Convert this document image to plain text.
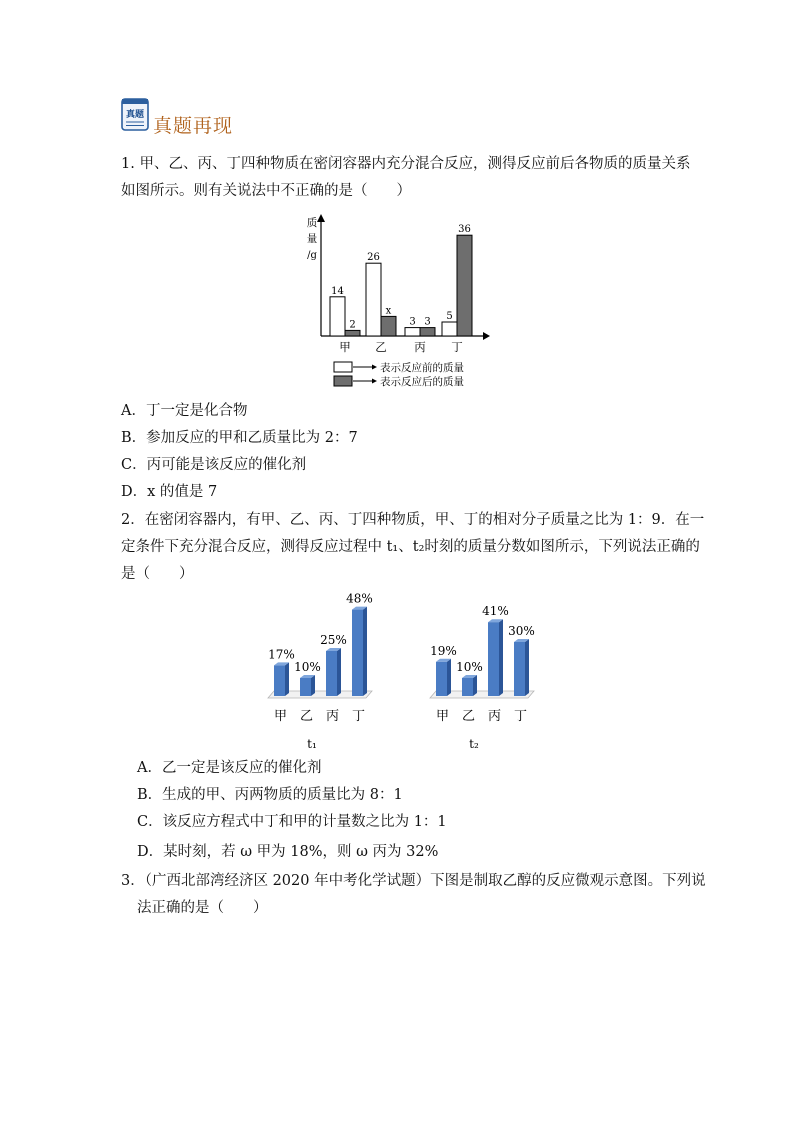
真题 真题再现
1. 甲、乙、丙、丁四种物质在密闭容器内充分混合反应，测得反应前后各物质的质量关系
如图所示。则有关说法中不正确的是（　　）
质
量
/g
14
2
甲
26
x
乙
3 3
丙
5
36
丁
表示反应前的质量
表示反应后的质量
A．丁一定是化合物
B．参加反应的甲和乙质量比为 2：7
C．丙可能是该反应的催化剂
D．x 的值是 7
2．在密闭容器内，有甲、乙、丙、丁四种物质，甲、丁的相对分子质量之比为 1：9．在一
定条件下充分混合反应，测得反应过程中 t₁、t₂时刻的质量分数如图所示，下列说法正确的
是（　　）
17%
甲
10%
乙
25%
丙
48%
丁
t₁
19%
甲
10%
乙
41%
丙
30%
丁
t₂
A．乙一定是该反应的催化剂
B．生成的甲、丙两物质的质量比为 8：1
C．该反应方程式中丁和甲的计量数之比为 1：1
D．某时刻，若 ω 甲为 18%，则 ω 丙为 32%
3．（广西北部湾经济区 2020 年中考化学试题）下图是制取乙醇的反应微观示意图。下列说
法正确的是（　　）
